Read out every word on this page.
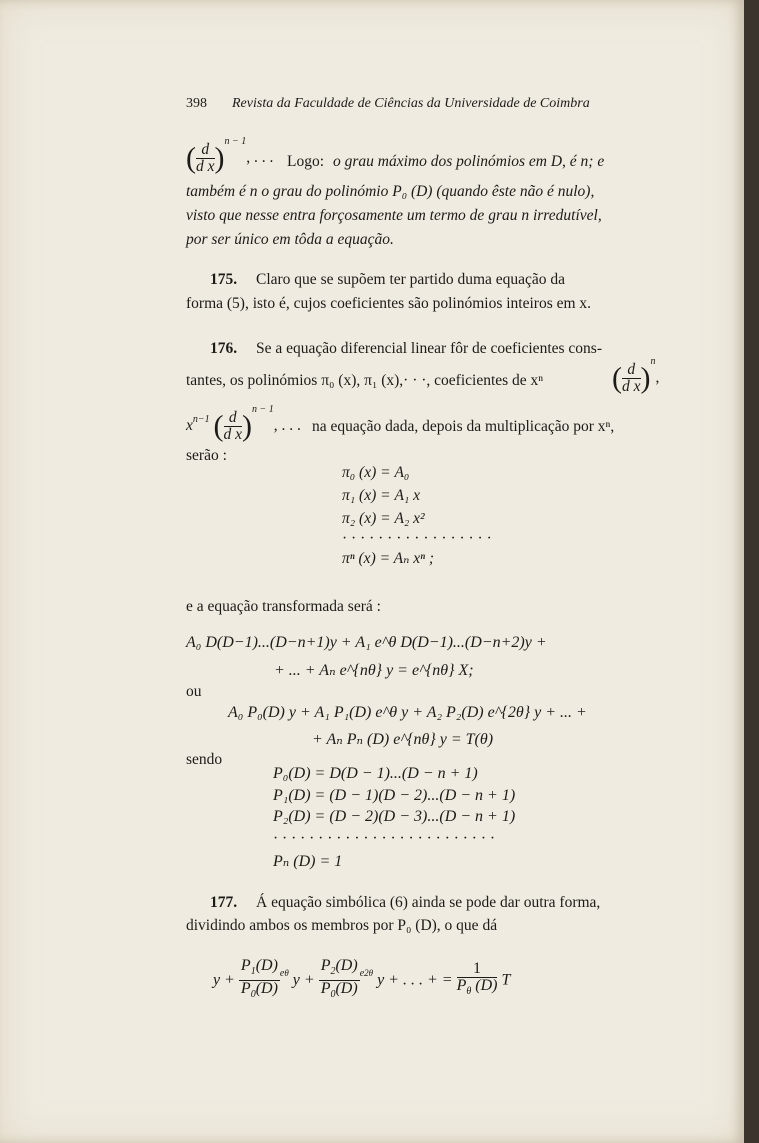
398 Revista da Faculdade de Ciências da Universidade de Coimbra
( $\frac{d}{\text{d x}} )^{n - 1}$, . . . Logo: o grau máximo dos polinómios em D, é n; e
também é n o grau do polinómio P₀ (D) (quando êste não é nulo),
visto que nesse entra forçosamente um termo de grau n irredutível,
por ser único em tôda a equação.
175. Claro que se supõem ter partido duma equação da
forma (5), isto é, cujos coeficientes são polinómios inteiros em x.
176. Se a equação diferencial linear fôr de coeficientes cons-
tantes, os polinómios π₀ (x), π₁ (x),· · ·, coeficientes de xⁿ ( $\frac{d}{\text{d x}} )^n$,
$x^{n-1}$ ( $\frac{d}{\text{d x}} )^{n - 1}$, . . . na equação dada, depois da multiplicação por xⁿ,
serão :
π₀ (x) = A₀
π₁ (x) = A₁ x
π₂ (x) = A₂ x²
· · · · · · · · · · · · · · · · ·
πⁿ (x) = Aₙ xⁿ ;
e a equação transformada será :
A₀ D(D−1)...(D−n+1)y + A₁ e^θ D(D−1)...(D−n+2)y +
+ ... + Aₙ e^{nθ} y = e^{nθ} X;
ou
A₀ P₀(D) y + A₁ P₁(D) e^θ y + A₂ P₂(D) e^{2θ} y + ... +
+ Aₙ Pₙ (D) e^{nθ} y = T(θ)
sendo
P₀(D) = D(D − 1)...(D − n + 1)
P₁(D) = (D − 1)(D − 2)...(D − n + 1)
P₂(D) = (D − 2)(D − 3)...(D − n + 1)
· · · · · · · · · · · · · · · · · · · · · · · · ·
Pₙ (D) = 1
177. Á equação simbólica (6) ainda se pode dar outra forma,
dividindo ambos os membros por P₀ (D), o que dá
$y + \frac{P_1(D)}{P_0(D)} ^{e\theta}$ $y + \frac{P_2(D)}{P_0(D)} ^{e2\theta}$ y + . . . + = $\frac{1}{P_\theta (D)}$ T
